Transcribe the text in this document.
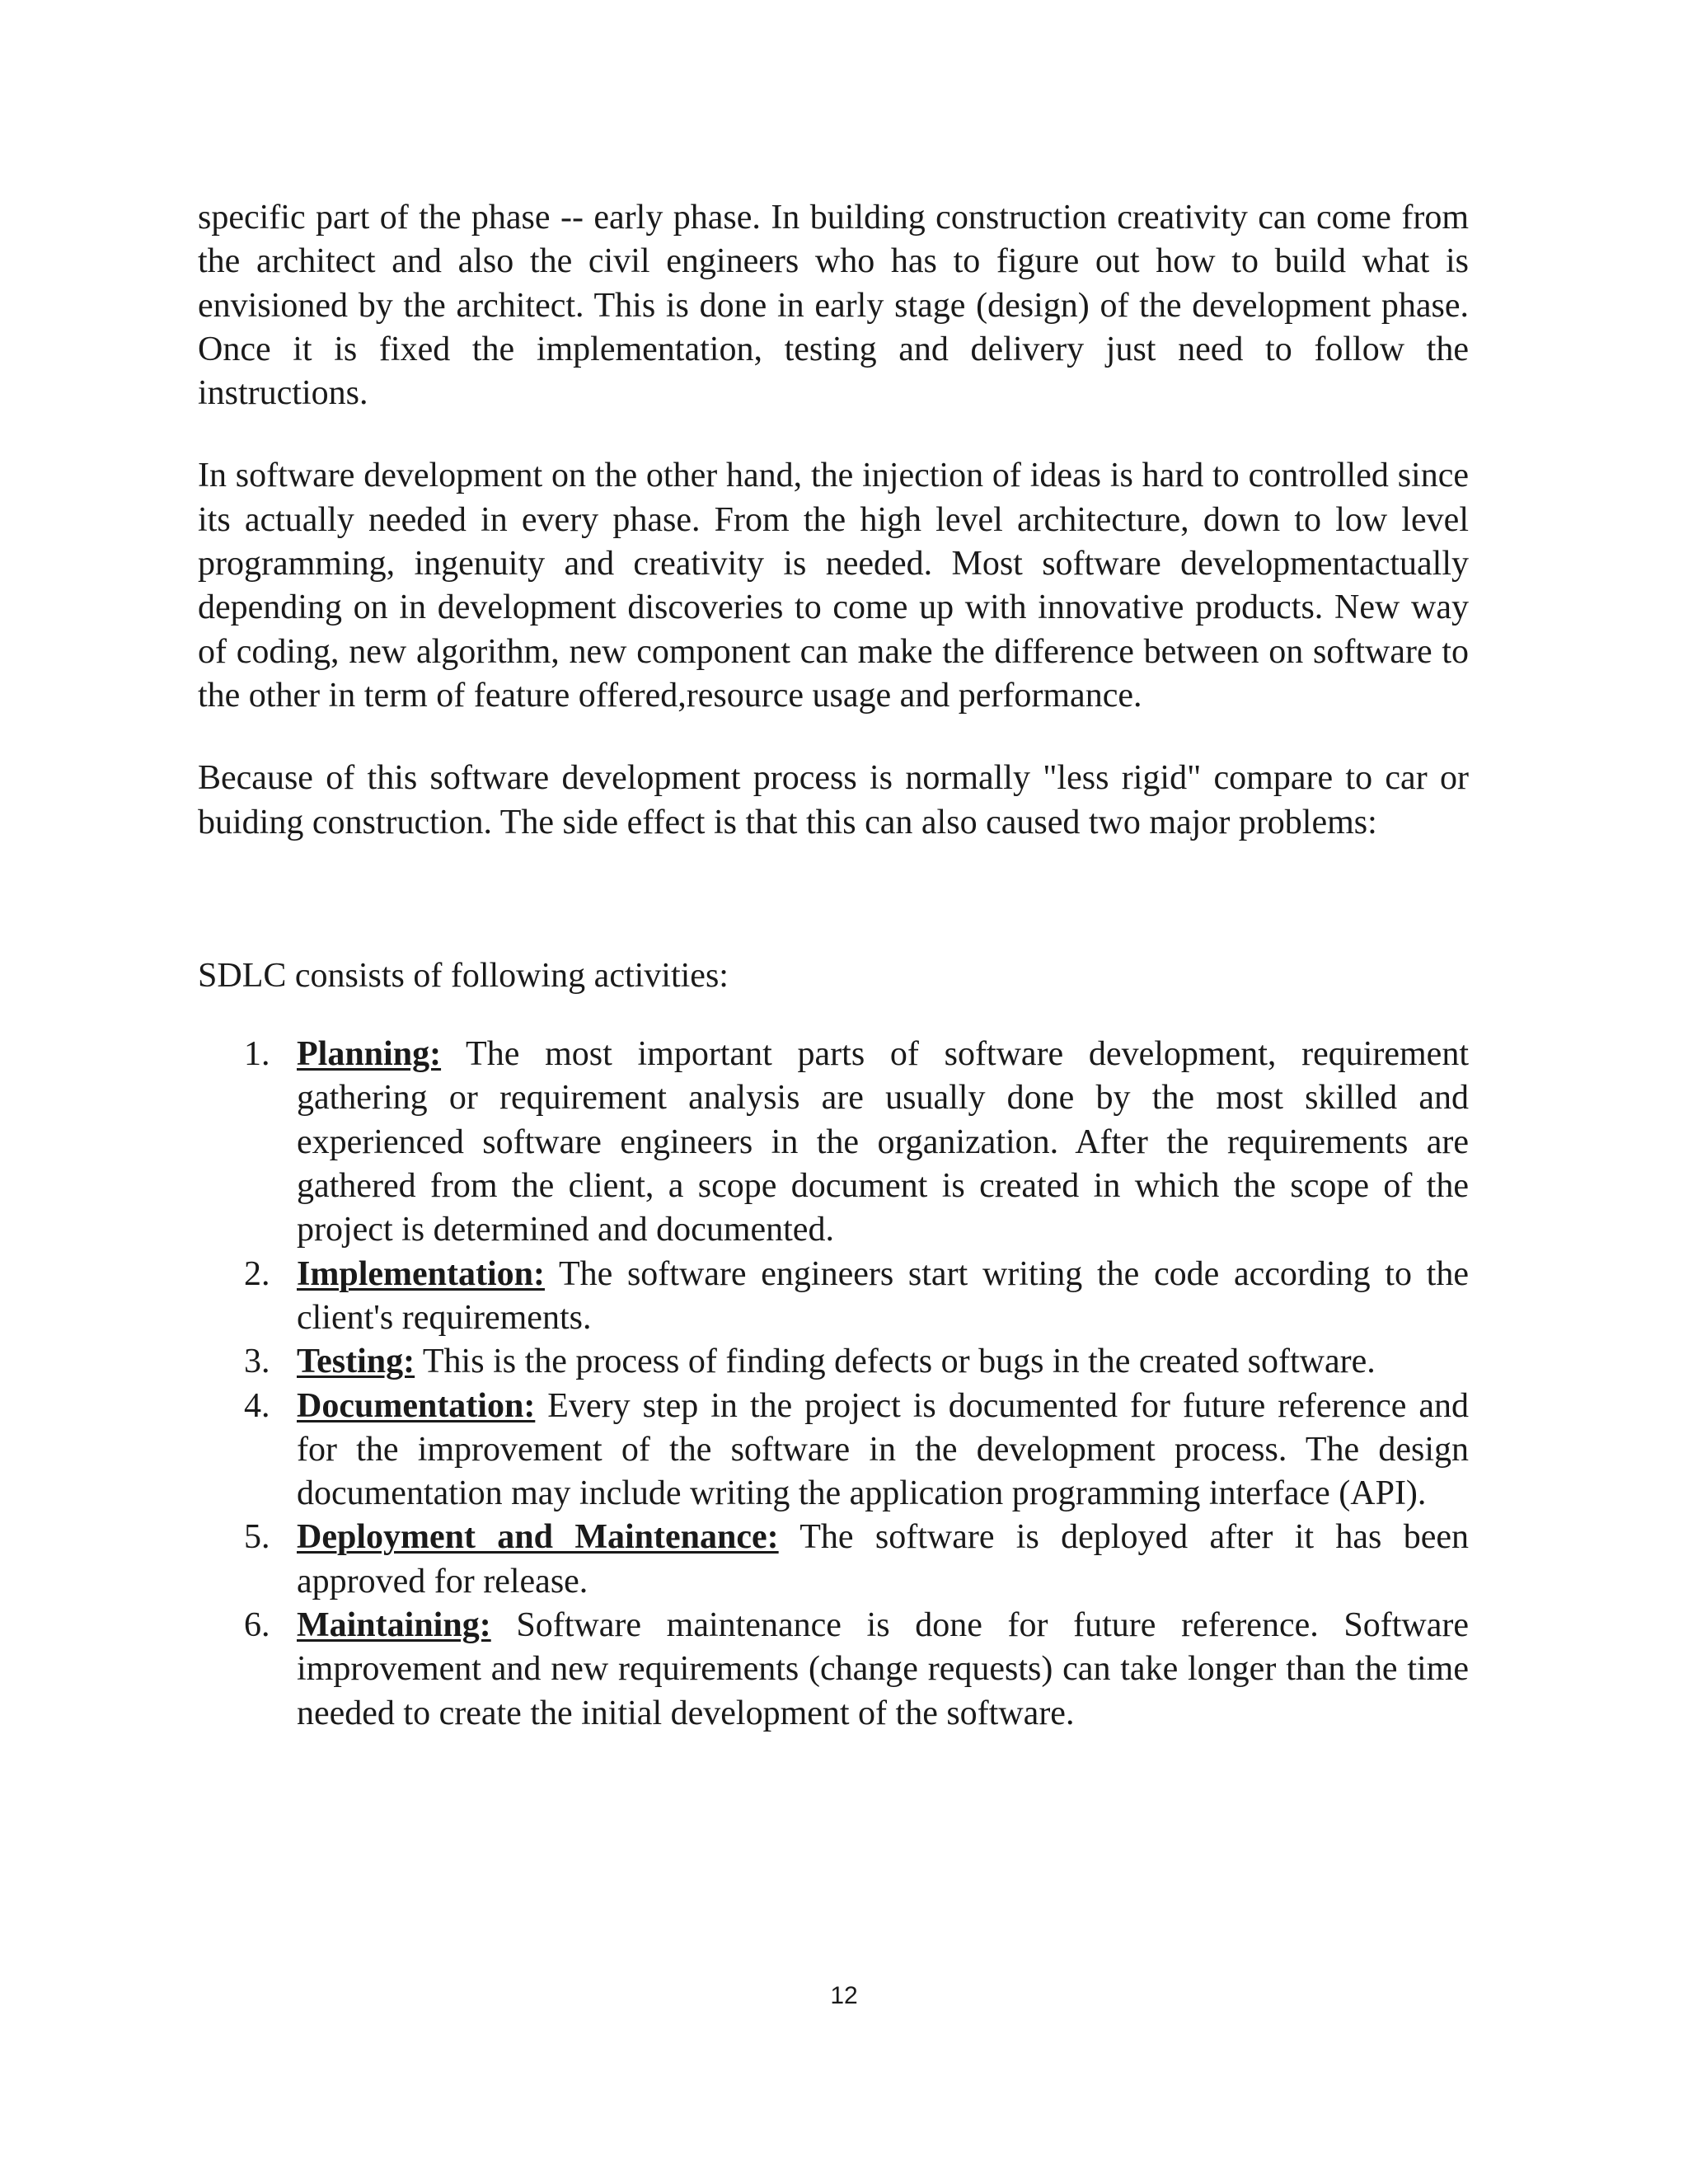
specific part of the phase -- early phase. In building construction creativity can come from the architect and also the civil engineers who has to figure out how to build what is envisioned by the architect. This is done in early stage (design) of the development phase. Once it is fixed the implementation, testing and delivery just need to follow the instructions.

In software development on the other hand, the injection of ideas is hard to controlled since its actually needed in every phase. From the high level architecture, down to low level programming, ingenuity and creativity is needed. Most software developmentactually depending on in development discoveries to come up with innovative products. New way of coding, new algorithm, new component can make the difference between on software to the other in term of feature offered,resource usage and performance.

Because of this software development process is normally "less rigid" compare to car or buiding construction. The side effect is that this can also caused two major problems:

SDLC consists of following activities:

1. Planning: The most important parts of software development, requirement gathering or requirement analysis are usually done by the most skilled and experienced software engineers in the organization. After the requirements are gathered from the client, a scope document is created in which the scope of the project is determined and documented.
2. Implementation: The software engineers start writing the code according to the client's requirements.
3. Testing: This is the process of finding defects or bugs in the created software.
4. Documentation: Every step in the project is documented for future reference and for the improvement of the software in the development process. The design documentation may include writing the application programming interface (API).
5. Deployment and Maintenance: The software is deployed after it has been approved for release.
6. Maintaining: Software maintenance is done for future reference. Software improvement and new requirements (change requests) can take longer than the time needed to create the initial development of the software.
12
